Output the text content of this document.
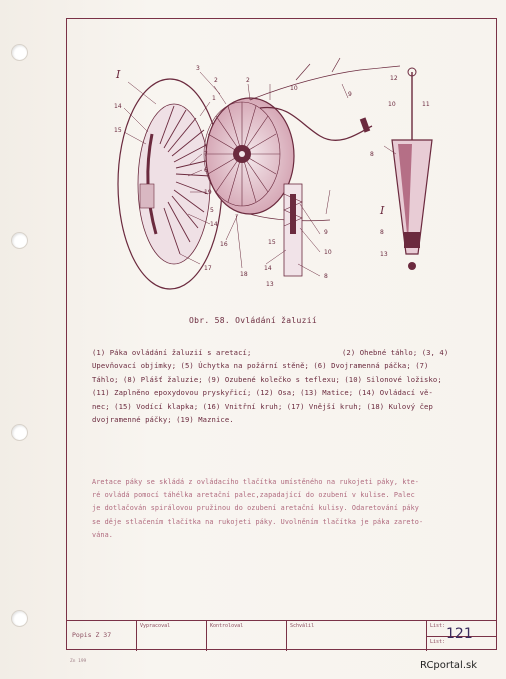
I	3
2
1
14
15
7
6
19
5
14
16	15
18
17	14
13
9
10
8
2
10
12
10	11
9
8
I
8
13
Obr. 58. Ovládání žaluzií
(1) Páka ovládání žaluzií s aretací;	(2) Ohebné táhlo; (3, 4)
Upevňovací objímky; (5) Úchytka na požární stěně; (6) Dvojramenná páčka; (7)
Táhlo; (8) Plášť žaluzie; (9) Ozubené kolečko s teflexu; (10) Silonové ložisko;
(11) Zaplněno epoxydovou pryskyřicí; (12) Osa; (13) Matice; (14) Ovládací vě-
nec; (15) Vodící klapka; (16) Vnitřní kruh; (17) Vnější kruh; (18) Kulový čep
dvojramenné páčky; (19) Maznice.
Aretace páky se skládá z ovládacího tlačítka umístěného na rukojeti páky, kte-
ré ovládá pomocí táhélka aretační palec,zapadající do ozubení v kulise. Palec
je dotlačován spirálovou pružinou do ozubení aretační kulisy. Odaretování páky
se děje stlačením tlačítka na rukojeti páky. Uvolněním tlačítka je páka zareto-
vána.
Popis Z 37
Vypracoval	Kontroloval	Schválil	List:
List: 121
Zn 199	RCportal.sk
